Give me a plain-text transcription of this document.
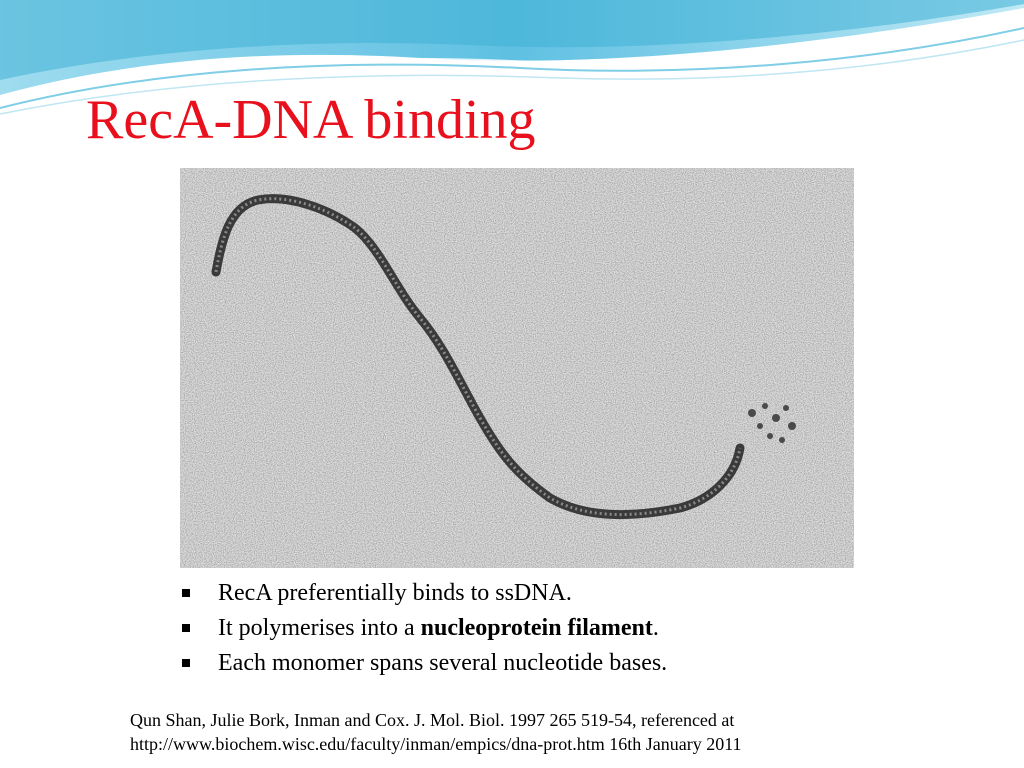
RecA-DNA binding
RecA preferentially binds to ssDNA.
It polymerises into a nucleoprotein filament.
Each monomer spans several nucleotide bases.
Qun Shan, Julie Bork, Inman and Cox. J. Mol. Biol. 1997 265 519-54, referenced at
http://www.biochem.wisc.edu/faculty/inman/empics/dna-prot.htm 16th January 2011
